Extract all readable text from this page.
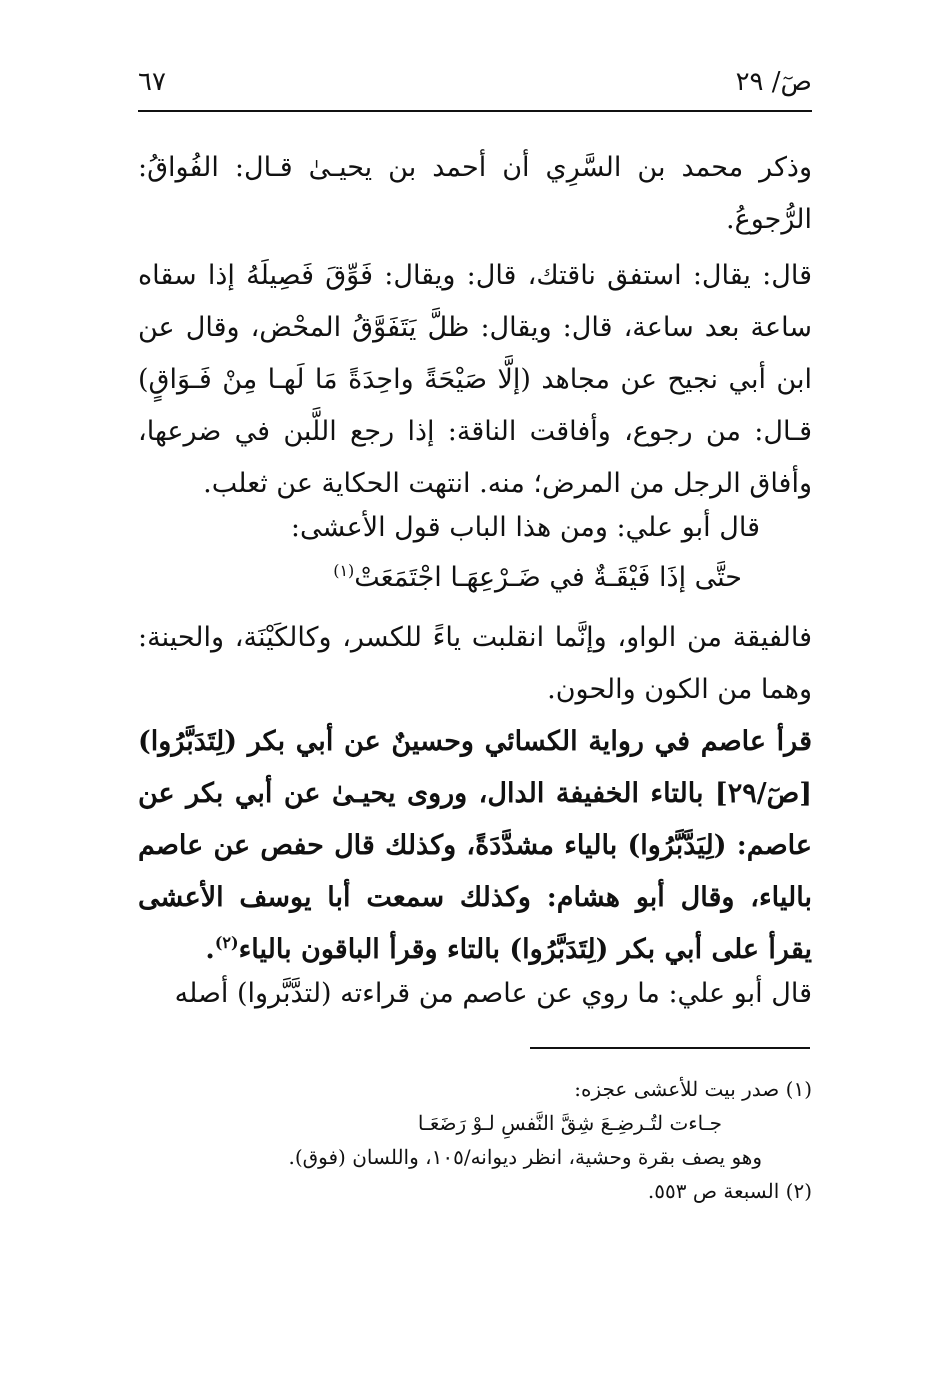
٦٧	صٓ/ ٢٩

وذكر محمد بن السَّرِي أن أحمد بن يحيـىٰ قـال: الفُواقُ: الرُّجوعُ.

قال: يقال: استفق ناقتك، قال: ويقال: فَوِّقَ فَصِيلَهُ إذا سقاه ساعة بعد ساعة، قال: ويقال: ظلَّ يَتَفَوَّقُ المحْض، وقال عن ابن أبي نجيح عن مجاهد (إلَّا صَيْحَةً واحِدَةً مَا لَهـا مِنْ فَـوَاقٍ) قـال: من رجوع، وأفاقت الناقة: إذا رجع اللَّبن في ضرعها، وأفاق الرجل من المرض؛ منه. انتهت الحكاية عن ثعلب.

قال أبو علي: ومن هذا الباب قول الأعشى:

حتَّى إذَا فَيْقَـةٌ في ضَـرْعِهَـا اجْتَمَعَتْ$^{(١)}$

فالفيقة من الواو، وإنَّما انقلبت ياءً للكسر، وكالكَيْنَة، والحينة: وهما من الكون والحون.

قرأ عاصم في رواية الكسائي وحسينٌ عن أبي بكر (لِتَدَبَّرُوا) [صٓ/٢٩] بالتاء الخفيفة الدال، وروى يحيـىٰ عن أبي بكر عن عاصم: (لِيَدَّبَّرُوا) بالياء مشدَّدَةً، وكذلك قال حفص عن عاصم بالياء، وقال أبو هشام: وكذلك سمعت أبا يوسف الأعشى يقرأ على أبي بكر (لِتَدَبَّرُوا) بالتاء وقرأ الباقون بالياء$^{(٢)}$.

قال أبو علي: ما روي عن عاصم من قراءته (لتدَّبَّروا) أصله

(١) صدر بيت للأعشى عجزه:

جـاءت لتُـرضِـعَ شِقَّ النَّفسِ لـوْ رَضَعَـا

وهو يصف بقرة وحشية، انظر ديوانه/١٠٥، واللسان (فوق).

(٢) السبعة ص ٥٥٣.
